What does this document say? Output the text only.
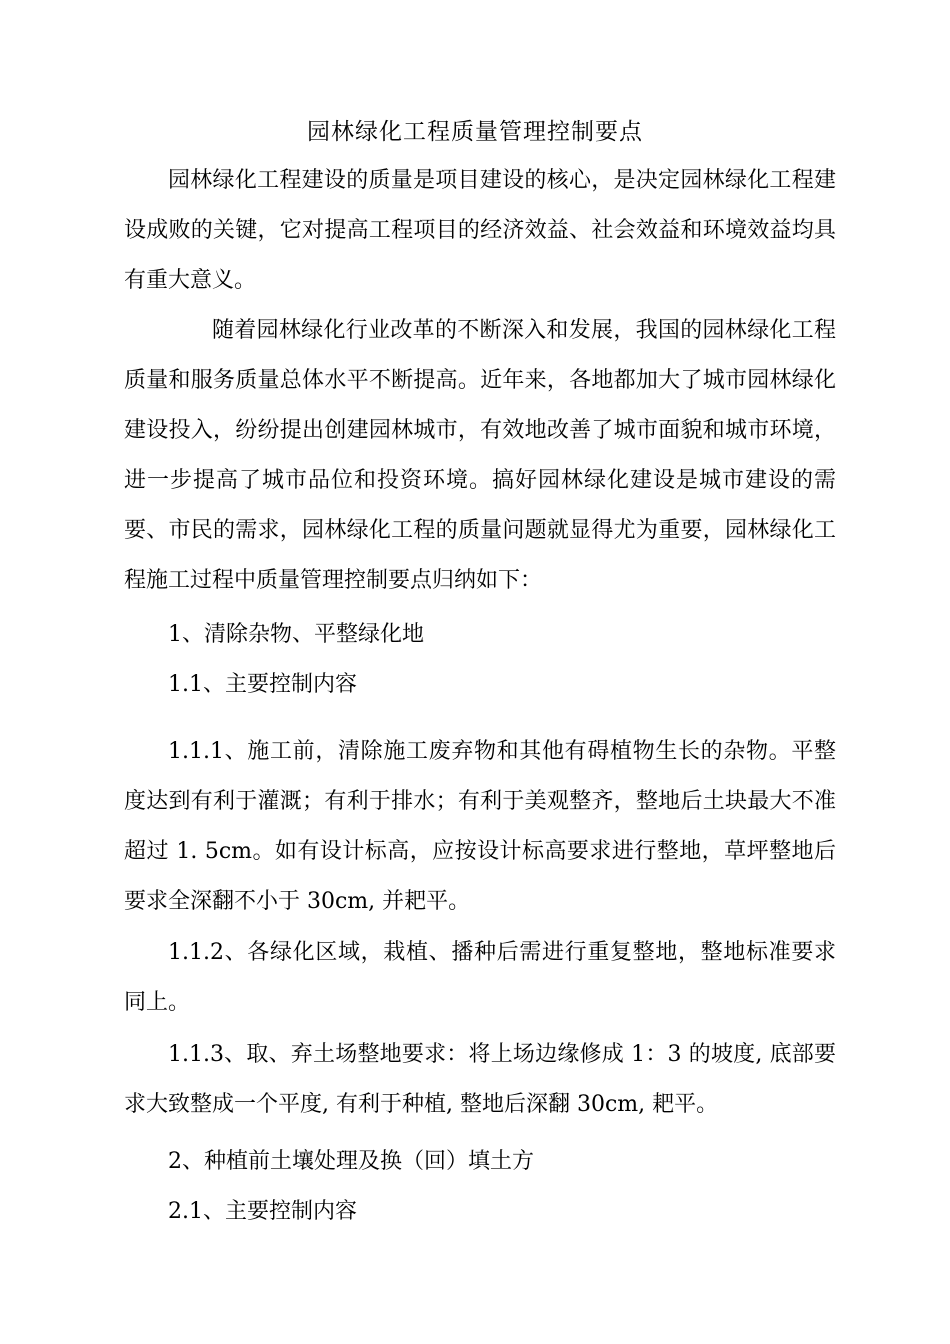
园林绿化工程质量管理控制要点

园林绿化工程建设的质量是项目建设的核心，是决定园林绿化工程建设成败的关键，它对提高工程项目的经济效益、社会效益和环境效益均具有重大意义。

随着园林绿化行业改革的不断深入和发展，我国的园林绿化工程质量和服务质量总体水平不断提高。近年来，各地都加大了城市园林绿化建设投入，纷纷提出创建园林城市，有效地改善了城市面貌和城市环境，进一步提高了城市品位和投资环境。搞好园林绿化建设是城市建设的需要、市民的需求，园林绿化工程的质量问题就显得尤为重要，园林绿化工程施工过程中质量管理控制要点归纳如下：

1、清除杂物、平整绿化地

1.1、主要控制内容

1.1.1、施工前，清除施工废弃物和其他有碍植物生长的杂物。平整度达到有利于灌溉；有利于排水；有利于美观整齐，整地后土块最大不准超过 1. 5cm。如有设计标高，应按设计标高要求进行整地，草坪整地后要求全深翻不小于 30cm, 并耙平。

1.1.2、各绿化区域，栽植、播种后需进行重复整地，整地标准要求同上。

1.1.3、取、弃土场整地要求：将上场边缘修成 1：3 的坡度, 底部要求大致整成一个平度, 有利于种植, 整地后深翻 30cm, 耙平。

2、种植前土壤处理及换（回）填土方

2.1、主要控制内容
